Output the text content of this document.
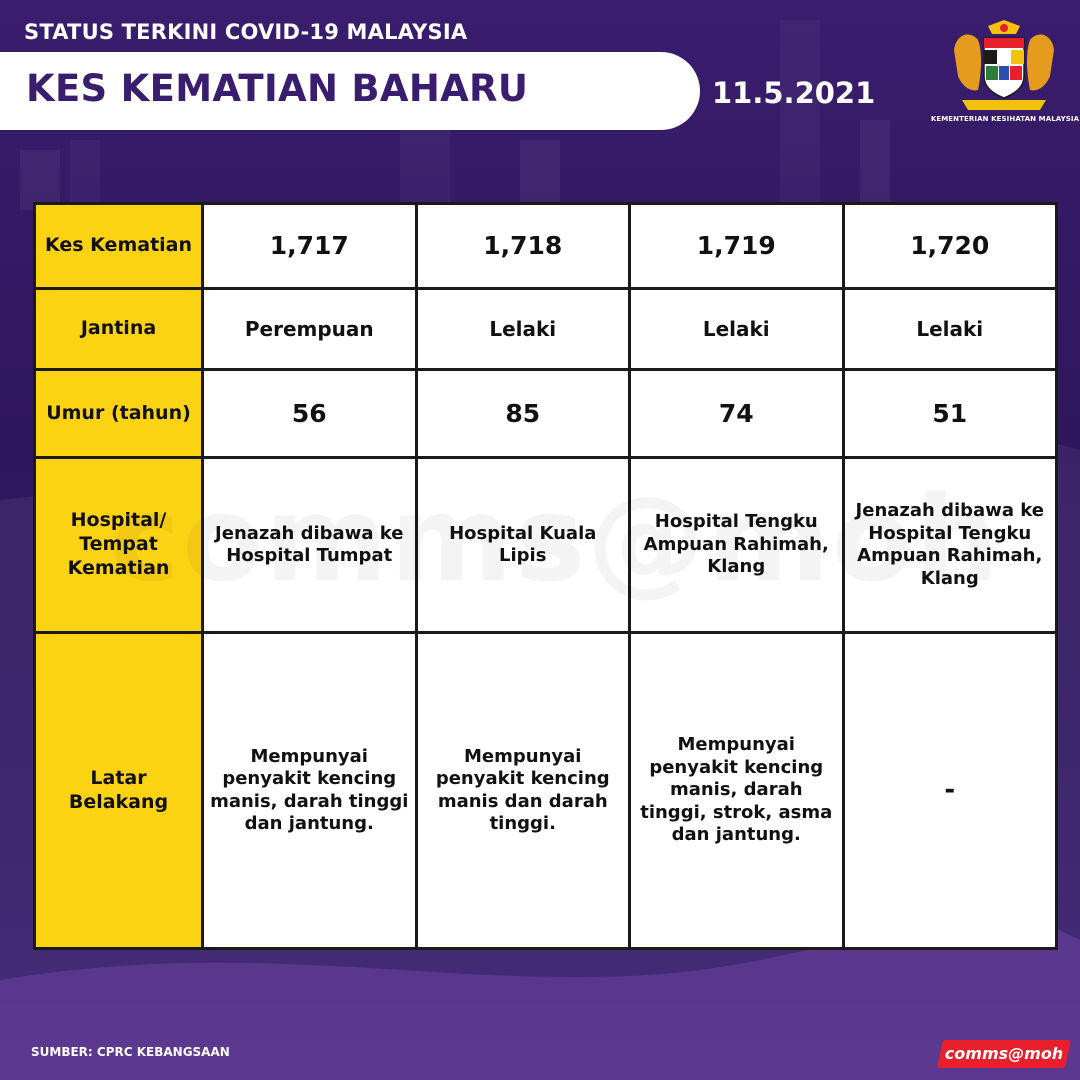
STATUS TERKINI COVID-19 MALAYSIA
KES KEMATIAN BAHARU	11.5.2021
KEMENTERIAN KESIHATAN MALAYSIA
Kes Kematian	1,717	1,718	1,719	1,720
Jantina	Perempuan	Lelaki	Lelaki	Lelaki
Umur (tahun)	56	85	74	51
Hospital/ Tempat Kematian	Jenazah dibawa ke Hospital Tumpat	Hospital Kuala Lipis	Hospital Tengku Ampuan Rahimah, Klang	Jenazah dibawa ke Hospital Tengku Ampuan Rahimah, Klang
Latar Belakang	Mempunyai penyakit kencing manis, darah tinggi dan jantung.	Mempunyai penyakit kencing manis dan darah tinggi.	Mempunyai penyakit kencing manis, darah tinggi, strok, asma dan jantung.	-
SUMBER: CPRC KEBANGSAAN	comms@moh
